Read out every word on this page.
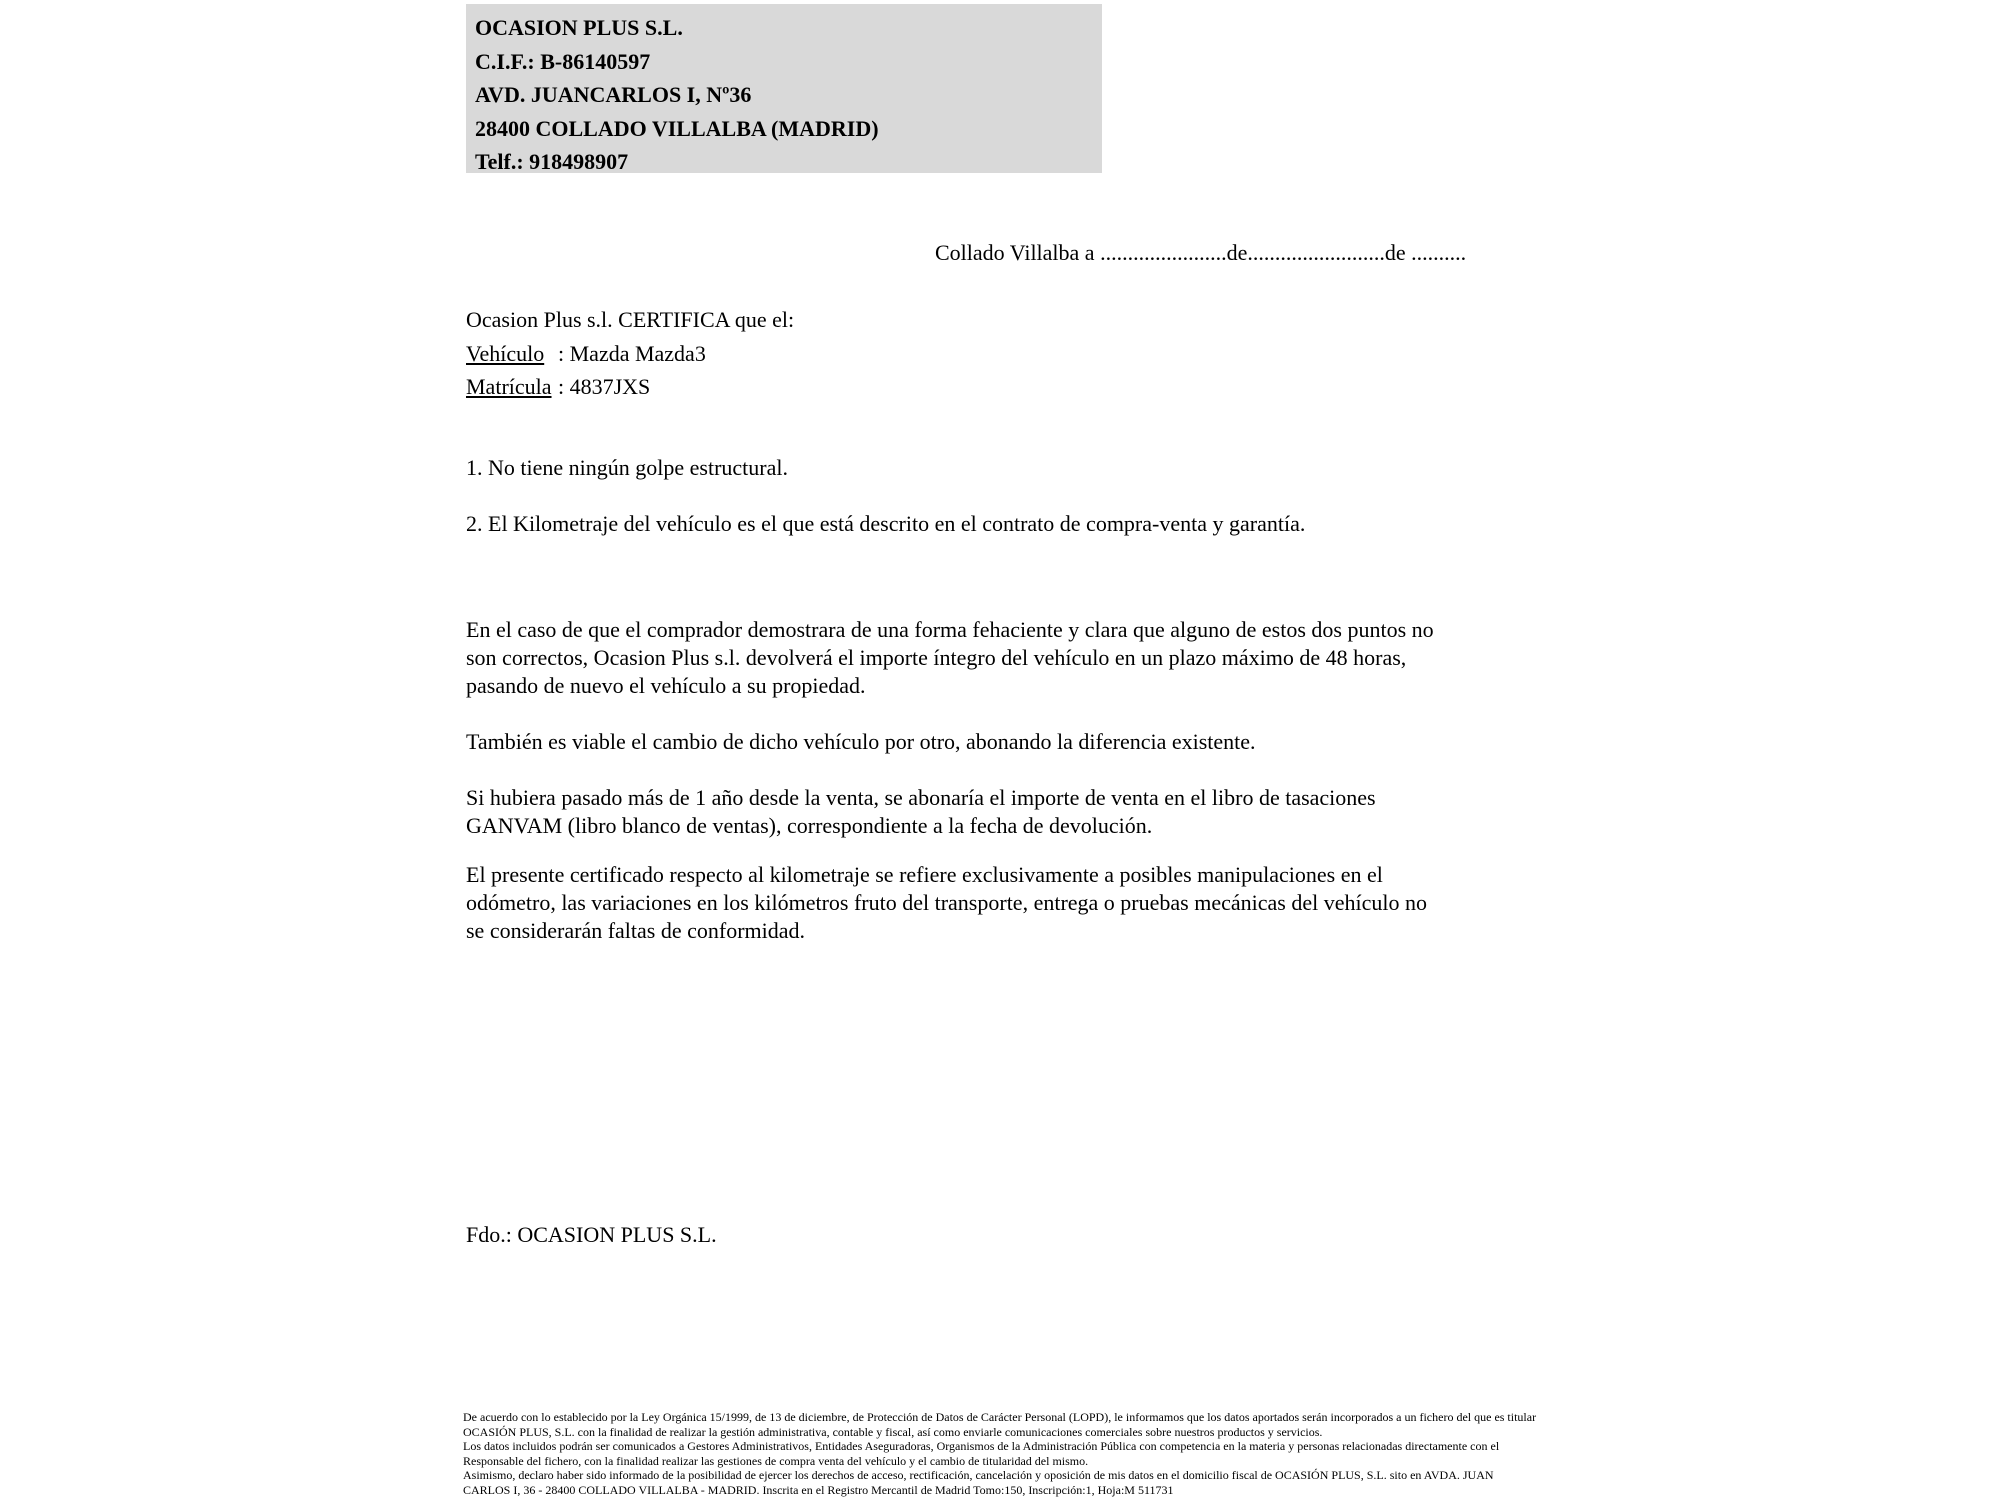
OCASION PLUS S.L.
C.I.F.: B-86140597
AVD. JUANCARLOS I, Nº36
28400 COLLADO VILLALBA (MADRID)
Telf.: 918498907
Collado Villalba a .......................de.........................de ..........
Ocasion Plus s.l. CERTIFICA que el:
Vehículo : Mazda Mazda3
Matrícula : 4837JXS
1. No tiene ningún golpe estructural.
2. El Kilometraje del vehículo es el que está descrito en el contrato de compra-venta y garantía.
En el caso de que el comprador demostrara de una forma fehaciente y clara que alguno de estos dos puntos no
son correctos, Ocasion Plus s.l. devolverá el importe íntegro del vehículo en un plazo máximo de 48 horas,
pasando de nuevo el vehículo a su propiedad.
También es viable el cambio de dicho vehículo por otro, abonando la diferencia existente.
Si hubiera pasado más de 1 año desde la venta, se abonaría el importe de venta en el libro de tasaciones
GANVAM (libro blanco de ventas), correspondiente a la fecha de devolución.
El presente certificado respecto al kilometraje se refiere exclusivamente a posibles manipulaciones en el
odómetro, las variaciones en los kilómetros fruto del transporte, entrega o pruebas mecánicas del vehículo no
se considerarán faltas de conformidad.
Fdo.: OCASION PLUS S.L.
De acuerdo con lo establecido por la Ley Orgánica 15/1999, de 13 de diciembre, de Protección de Datos de Carácter Personal (LOPD), le informamos que los datos aportados serán incorporados a un fichero del que es titular
OCASIÓN PLUS, S.L. con la finalidad de realizar la gestión administrativa, contable y fiscal, así como enviarle comunicaciones comerciales sobre nuestros productos y servicios.
Los datos incluidos podrán ser comunicados a Gestores Administrativos, Entidades Aseguradoras, Organismos de la Administración Pública con competencia en la materia y personas relacionadas directamente con el
Responsable del fichero, con la finalidad realizar las gestiones de compra venta del vehículo y el cambio de titularidad del mismo.
Asimismo, declaro haber sido informado de la posibilidad de ejercer los derechos de acceso, rectificación, cancelación y oposición de mis datos en el domicilio fiscal de OCASIÓN PLUS, S.L. sito en AVDA. JUAN
CARLOS I, 36 - 28400 COLLADO VILLALBA - MADRID. Inscrita en el Registro Mercantil de Madrid Tomo:150, Inscripción:1, Hoja:M 511731
